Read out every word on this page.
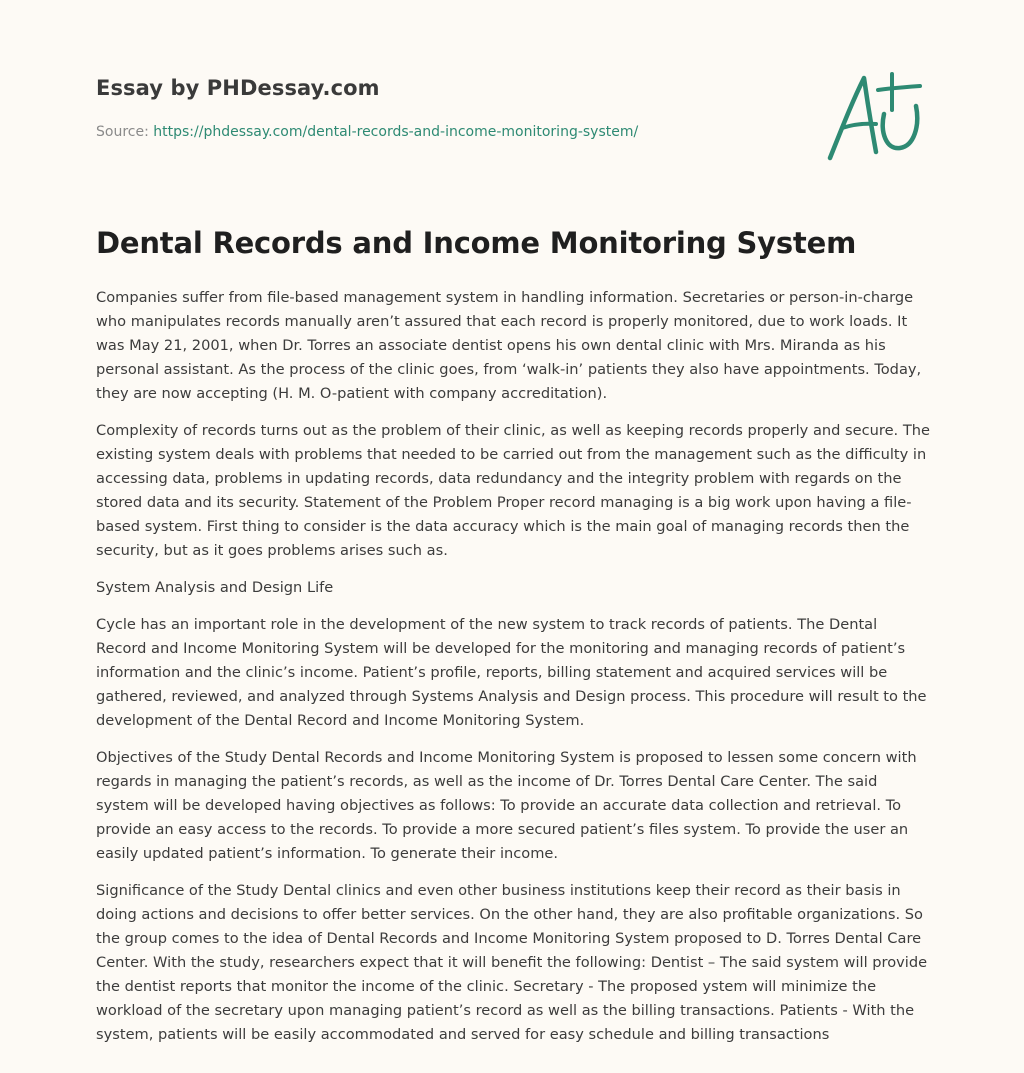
Essay by PHDessay.com
Source: https://phdessay.com/dental-records-and-income-monitoring-system/
Dental Records and Income Monitoring System

Companies suffer from file-based management system in handling information. Secretaries or person-in-charge who manipulates records manually aren’t assured that each record is properly monitored, due to work loads. It was May 21, 2001, when Dr. Torres an associate dentist opens his own dental clinic with Mrs. Miranda as his personal assistant. As the process of the clinic goes, from ‘walk-in’ patients they also have appointments. Today, they are now accepting (H. M. O-patient with company accreditation).

Complexity of records turns out as the problem of their clinic, as well as keeping records properly and secure. The existing system deals with problems that needed to be carried out from the management such as the difficulty in accessing data, problems in updating records, data redundancy and the integrity problem with regards on the stored data and its security. Statement of the Problem Proper record managing is a big work upon having a file-based system. First thing to consider is the data accuracy which is the main goal of managing records then the security, but as it goes problems arises such as.

System Analysis and Design Life

Cycle has an important role in the development of the new system to track records of patients. The Dental Record and Income Monitoring System will be developed for the monitoring and managing records of patient’s information and the clinic’s income. Patient’s profile, reports, billing statement and acquired services will be gathered, reviewed, and analyzed through Systems Analysis and Design process. This procedure will result to the development of the Dental Record and Income Monitoring System.

Objectives of the Study Dental Records and Income Monitoring System is proposed to lessen some concern with regards in managing the patient’s records, as well as the income of Dr. Torres Dental Care Center. The said system will be developed having objectives as follows: To provide an accurate data collection and retrieval. To provide an easy access to the records. To provide a more secured patient’s files system. To provide the user an easily updated patient’s information. To generate their income.

Significance of the Study Dental clinics and even other business institutions keep their record as their basis in doing actions and decisions to offer better services. On the other hand, they are also profitable organizations. So the group comes to the idea of Dental Records and Income Monitoring System proposed to D. Torres Dental Care Center. With the study, researchers expect that it will benefit the following: Dentist – The said system will provide the dentist reports that monitor the income of the clinic. Secretary - The proposed ystem will minimize the workload of the secretary upon managing patient’s record as well as the billing transactions. Patients - With the system, patients will be easily accommodated and served for easy schedule and billing transactions
